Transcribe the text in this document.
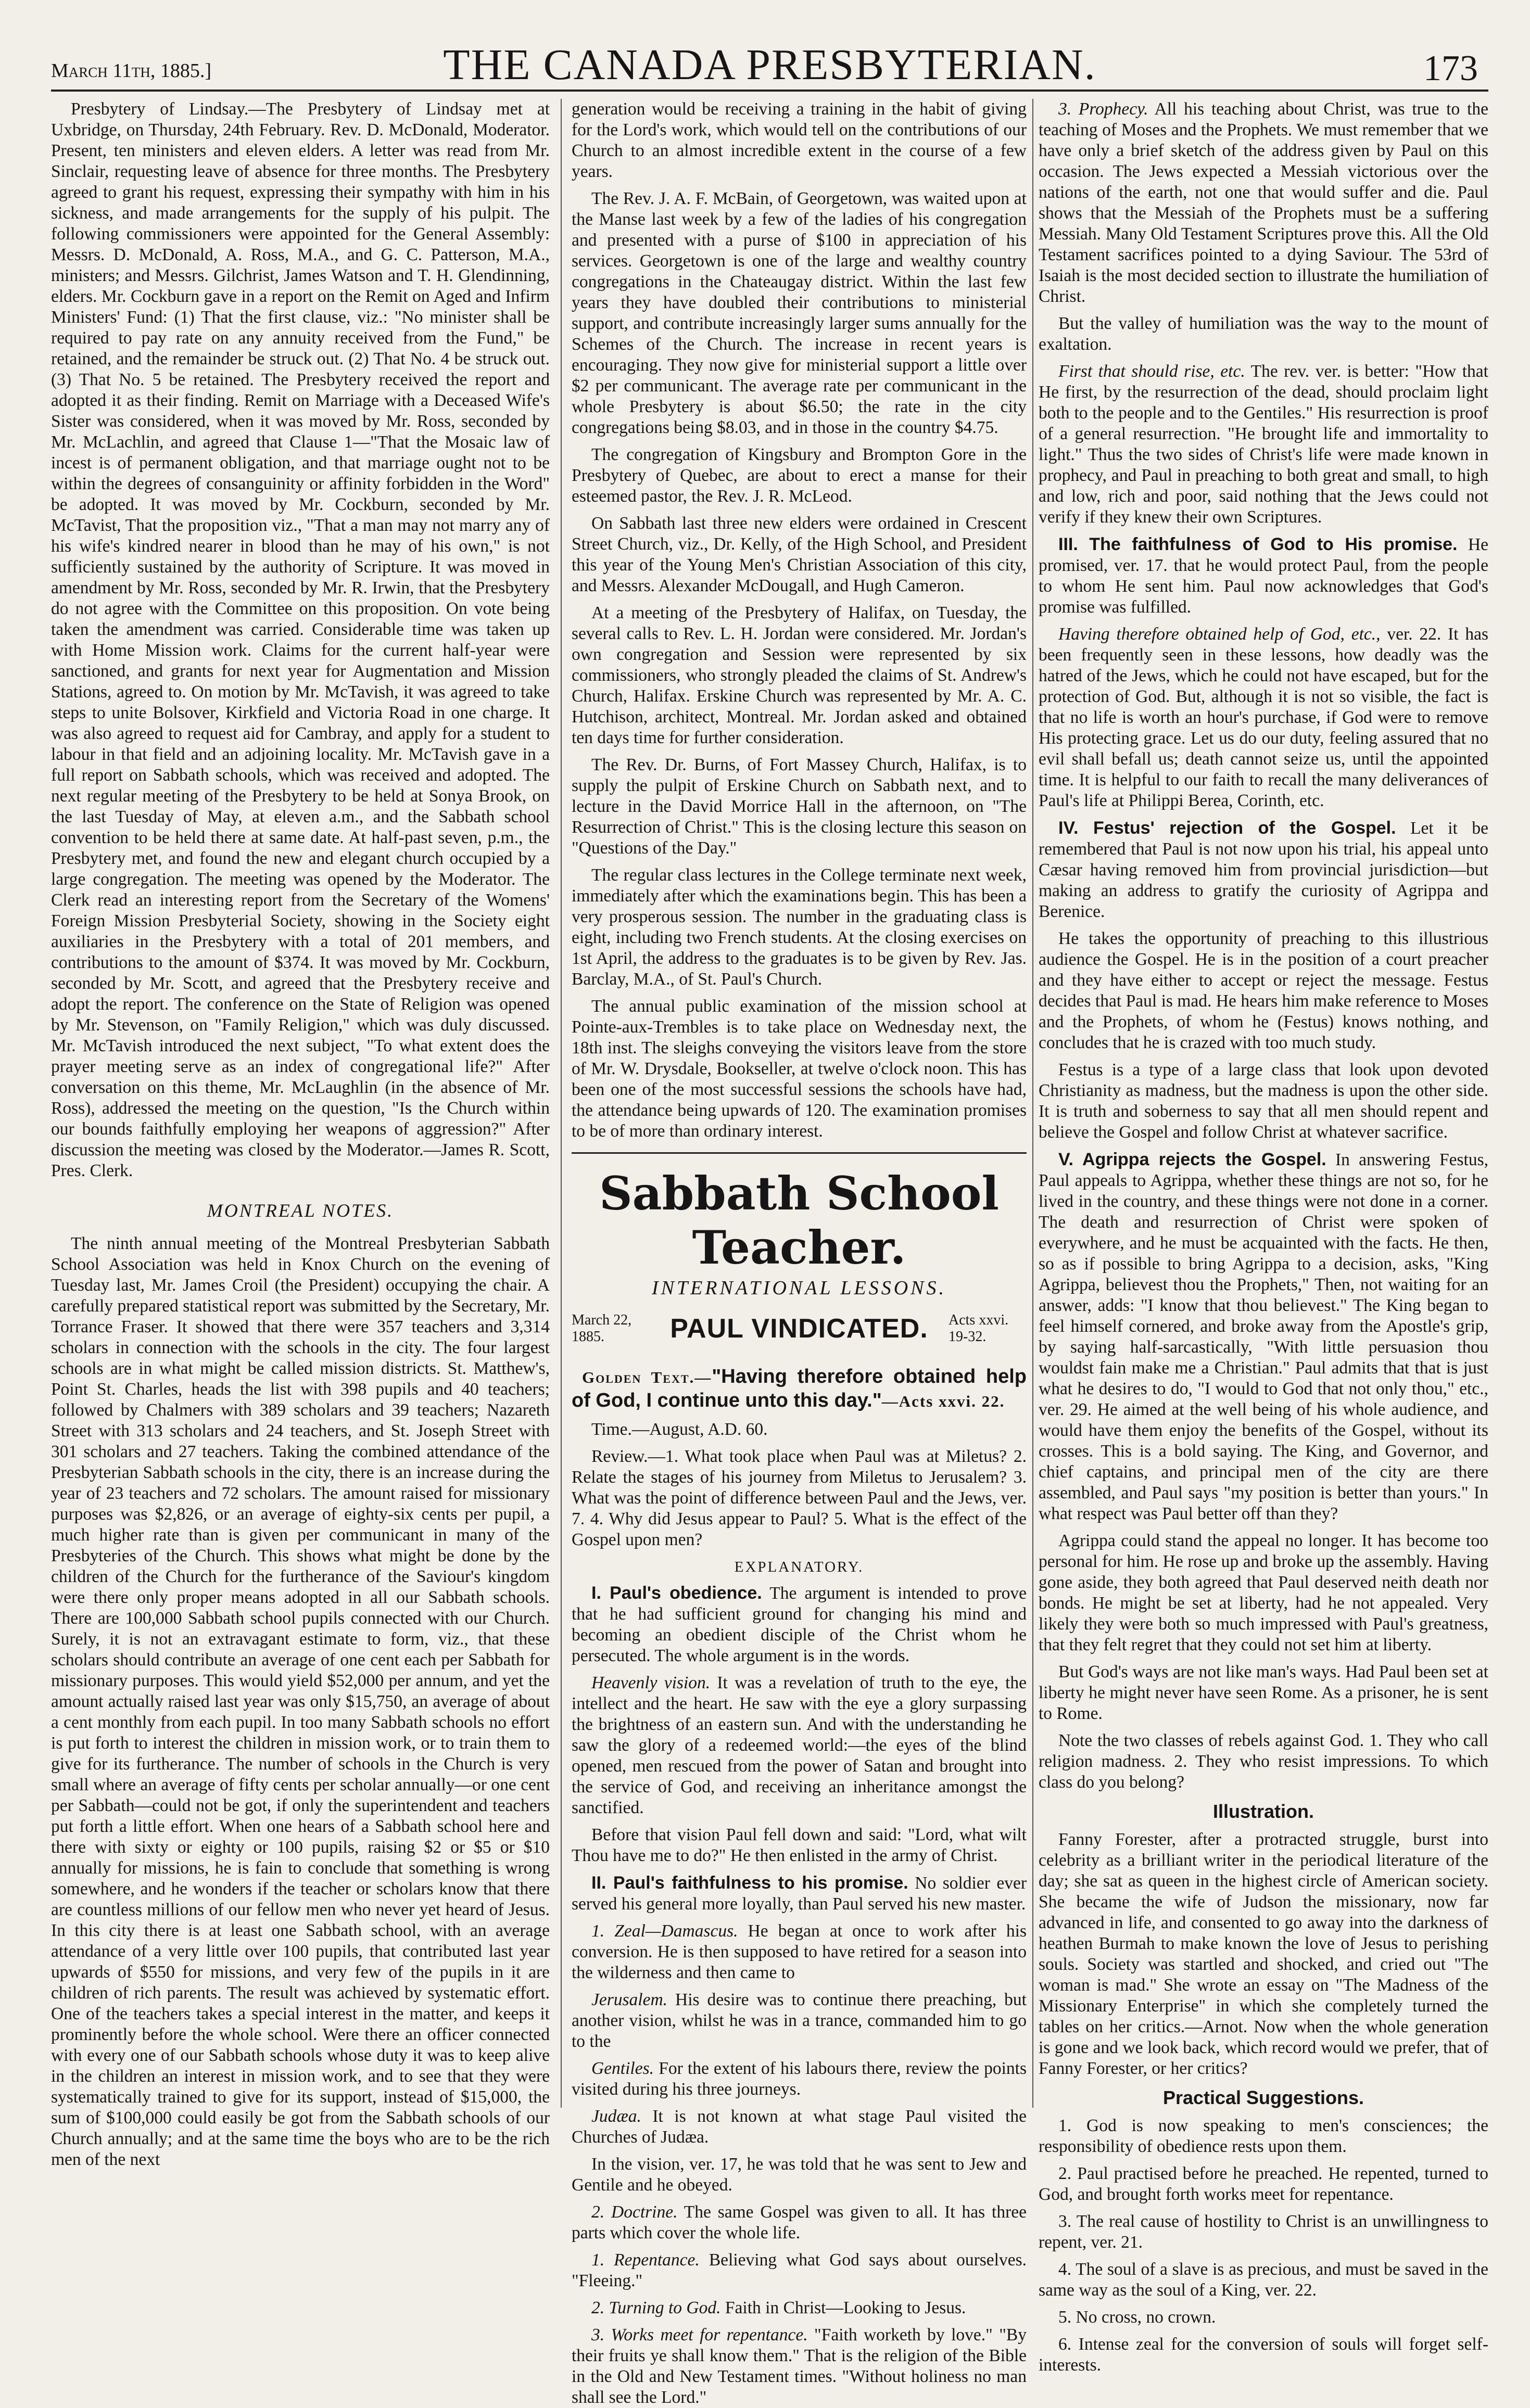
March 11th, 1885.]	THE CANADA PRESBYTERIAN.	173

Presbytery of Lindsay.—The Presbytery of Lindsay met at Uxbridge, on Thursday, 24th February. Rev. D. McDonald, Moderator. Present, ten ministers and eleven elders. A letter was read from Mr. Sinclair, requesting leave of absence for three months. The Presbytery agreed to grant his request, expressing their sympathy with him in his sickness, and made arrangements for the supply of his pulpit. The following commissioners were appointed for the General Assembly: Messrs. D. McDonald, A. Ross, M.A., and G. C. Patterson, M.A., ministers; and Messrs. Gilchrist, James Watson and T. H. Glendinning, elders. Mr. Cockburn gave in a report on the Remit on Aged and Infirm Ministers' Fund: (1) That the first clause, viz.: "No minister shall be required to pay rate on any annuity received from the Fund," be retained, and the remainder be struck out. (2) That No. 4 be struck out. (3) That No. 5 be retained. The Presbytery received the report and adopted it as their finding. Remit on Marriage with a Deceased Wife's Sister was considered, when it was moved by Mr. Ross, seconded by Mr. McLachlin, and agreed that Clause 1—"That the Mosaic law of incest is of permanent obligation, and that marriage ought not to be within the degrees of consanguinity or affinity forbidden in the Word" be adopted. It was moved by Mr. Cockburn, seconded by Mr. McTavist, That the proposition viz., "That a man may not marry any of his wife's kindred nearer in blood than he may of his own," is not sufficiently sustained by the authority of Scripture. It was moved in amendment by Mr. Ross, seconded by Mr. R. Irwin, that the Presbytery do not agree with the Committee on this proposition. On vote being taken the amendment was carried. Considerable time was taken up with Home Mission work. Claims for the current half-year were sanctioned, and grants for next year for Augmentation and Mission Stations, agreed to. On motion by Mr. McTavish, it was agreed to take steps to unite Bolsover, Kirkfield and Victoria Road in one charge. It was also agreed to request aid for Cambray, and apply for a student to labour in that field and an adjoining locality. Mr. McTavish gave in a full report on Sabbath schools, which was received and adopted. The next regular meeting of the Presbytery to be held at Sonya Brook, on the last Tuesday of May, at eleven a.m., and the Sabbath school convention to be held there at same date. At half-past seven, p.m., the Presbytery met, and found the new and elegant church occupied by a large congregation. The meeting was opened by the Moderator. The Clerk read an interesting report from the Secretary of the Womens' Foreign Mission Presbyterial Society, showing in the Society eight auxiliaries in the Presbytery with a total of 201 members, and contributions to the amount of $374. It was moved by Mr. Cockburn, seconded by Mr. Scott, and agreed that the Presbytery receive and adopt the report. The conference on the State of Religion was opened by Mr. Stevenson, on "Family Religion," which was duly discussed. Mr. McTavish introduced the next subject, "To what extent does the prayer meeting serve as an index of congregational life?" After conversation on this theme, Mr. McLaughlin (in the absence of Mr. Ross), addressed the meeting on the question, "Is the Church within our bounds faithfully employing her weapons of aggression?" After discussion the meeting was closed by the Moderator.—James R. Scott, Pres. Clerk.

MONTREAL NOTES.

The ninth annual meeting of the Montreal Presbyterian Sabbath School Association was held in Knox Church on the evening of Tuesday last, Mr. James Croil (the President) occupying the chair. A carefully prepared statistical report was submitted by the Secretary, Mr. Torrance Fraser. It showed that there were 357 teachers and 3,314 scholars in connection with the schools in the city. The four largest schools are in what might be called mission districts. St. Matthew's, Point St. Charles, heads the list with 398 pupils and 40 teachers; followed by Chalmers with 389 scholars and 39 teachers; Nazareth Street with 313 scholars and 24 teachers, and St. Joseph Street with 301 scholars and 27 teachers. Taking the combined attendance of the Presbyterian Sabbath schools in the city, there is an increase during the year of 23 teachers and 72 scholars. The amount raised for missionary purposes was $2,826, or an average of eighty-six cents per pupil, a much higher rate than is given per communicant in many of the Presbyteries of the Church. This shows what might be done by the children of the Church for the furtherance of the Saviour's kingdom were there only proper means adopted in all our Sabbath schools. There are 100,000 Sabbath school pupils connected with our Church. Surely, it is not an extravagant estimate to form, viz., that these scholars should contribute an average of one cent each per Sabbath for missionary purposes. This would yield $52,000 per annum, and yet the amount actually raised last year was only $15,750, an average of about a cent monthly from each pupil. In too many Sabbath schools no effort is put forth to interest the children in mission work, or to train them to give for its furtherance. The number of schools in the Church is very small where an average of fifty cents per scholar annually—or one cent per Sabbath—could not be got, if only the superintendent and teachers put forth a little effort. When one hears of a Sabbath school here and there with sixty or eighty or 100 pupils, raising $2 or $5 or $10 annually for missions, he is fain to conclude that something is wrong somewhere, and he wonders if the teacher or scholars know that there are countless millions of our fellow men who never yet heard of Jesus. In this city there is at least one Sabbath school, with an average attendance of a very little over 100 pupils, that contributed last year upwards of $550 for missions, and very few of the pupils in it are children of rich parents. The result was achieved by systematic effort. One of the teachers takes a special interest in the matter, and keeps it prominently before the whole school. Were there an officer connected with every one of our Sabbath schools whose duty it was to keep alive in the children an interest in mission work, and to see that they were systematically trained to give for its support, instead of $15,000, the sum of $100,000 could easily be got from the Sabbath schools of our Church annually; and at the same time the boys who are to be the rich men of the next

generation would be receiving a training in the habit of giving for the Lord's work, which would tell on the contributions of our Church to an almost incredible extent in the course of a few years.

The Rev. J. A. F. McBain, of Georgetown, was waited upon at the Manse last week by a few of the ladies of his congregation and presented with a purse of $100 in appreciation of his services. Georgetown is one of the large and wealthy country congregations in the Chateaugay district. Within the last few years they have doubled their contributions to ministerial support, and contribute increasingly larger sums annually for the Schemes of the Church. The increase in recent years is encouraging. They now give for ministerial support a little over $2 per communicant. The average rate per communicant in the whole Presbytery is about $6.50; the rate in the city congregations being $8.03, and in those in the country $4.75.

The congregation of Kingsbury and Brompton Gore in the Presbytery of Quebec, are about to erect a manse for their esteemed pastor, the Rev. J. R. McLeod.

On Sabbath last three new elders were ordained in Crescent Street Church, viz., Dr. Kelly, of the High School, and President this year of the Young Men's Christian Association of this city, and Messrs. Alexander McDougall, and Hugh Cameron.

At a meeting of the Presbytery of Halifax, on Tuesday, the several calls to Rev. L. H. Jordan were considered. Mr. Jordan's own congregation and Session were represented by six commissioners, who strongly pleaded the claims of St. Andrew's Church, Halifax. Erskine Church was represented by Mr. A. C. Hutchison, architect, Montreal. Mr. Jordan asked and obtained ten days time for further consideration.

The Rev. Dr. Burns, of Fort Massey Church, Halifax, is to supply the pulpit of Erskine Church on Sabbath next, and to lecture in the David Morrice Hall in the afternoon, on "The Resurrection of Christ." This is the closing lecture this season on "Questions of the Day."

The regular class lectures in the College terminate next week, immediately after which the examinations begin. This has been a very prosperous session. The number in the graduating class is eight, including two French students. At the closing exercises on 1st April, the address to the graduates is to be given by Rev. Jas. Barclay, M.A., of St. Paul's Church.

The annual public examination of the mission school at Pointe-aux-Trembles is to take place on Wednesday next, the 18th inst. The sleighs conveying the visitors leave from the store of Mr. W. Drysdale, Bookseller, at twelve o'clock noon. This has been one of the most successful sessions the schools have had, the attendance being upwards of 120. The examination promises to be of more than ordinary interest.

Sabbath School Teacher.
INTERNATIONAL LESSONS.
March 22,
1885.	PAUL VINDICATED.	Acts xxvi.
19-32.

Golden Text.—"Having therefore obtained help of God, I continue unto this day."—Acts xxvi. 22.

Time.—August, A.D. 60.

Review.—1. What took place when Paul was at Miletus? 2. Relate the stages of his journey from Miletus to Jerusalem? 3. What was the point of difference between Paul and the Jews, ver. 7. 4. Why did Jesus appear to Paul? 5. What is the effect of the Gospel upon men?

EXPLANATORY.

I. Paul's obedience. The argument is intended to prove that he had sufficient ground for changing his mind and becoming an obedient disciple of the Christ whom he persecuted. The whole argument is in the words.

Heavenly vision. It was a revelation of truth to the eye, the intellect and the heart. He saw with the eye a glory surpassing the brightness of an eastern sun. And with the understanding he saw the glory of a redeemed world:—the eyes of the blind opened, men rescued from the power of Satan and brought into the service of God, and receiving an inheritance amongst the sanctified.

Before that vision Paul fell down and said: "Lord, what wilt Thou have me to do?" He then enlisted in the army of Christ.

II. Paul's faithfulness to his promise. No soldier ever served his general more loyally, than Paul served his new master.

1. Zeal—Damascus. He began at once to work after his conversion. He is then supposed to have retired for a season into the wilderness and then came to

Jerusalem. His desire was to continue there preaching, but another vision, whilst he was in a trance, commanded him to go to the

Gentiles. For the extent of his labours there, review the points visited during his three journeys.

Judæa. It is not known at what stage Paul visited the Churches of Judæa.

In the vision, ver. 17, he was told that he was sent to Jew and Gentile and he obeyed.

2. Doctrine. The same Gospel was given to all. It has three parts which cover the whole life.

1. Repentance. Believing what God says about ourselves. "Fleeing."

2. Turning to God. Faith in Christ—Looking to Jesus.

3. Works meet for repentance. "Faith worketh by love." "By their fruits ye shall know them." That is the religion of the Bible in the Old and New Testament times. "Without holiness no man shall see the Lord."

3. Prophecy. All his teaching about Christ, was true to the teaching of Moses and the Prophets. We must remember that we have only a brief sketch of the address given by Paul on this occasion. The Jews expected a Messiah victorious over the nations of the earth, not one that would suffer and die. Paul shows that the Messiah of the Prophets must be a suffering Messiah. Many Old Testament Scriptures prove this. All the Old Testament sacrifices pointed to a dying Saviour. The 53rd of Isaiah is the most decided section to illustrate the humiliation of Christ.

But the valley of humiliation was the way to the mount of exaltation.

First that should rise, etc. The rev. ver. is better: "How that He first, by the resurrection of the dead, should proclaim light both to the people and to the Gentiles." His resurrection is proof of a general resurrection. "He brought life and immortality to light." Thus the two sides of Christ's life were made known in prophecy, and Paul in preaching to both great and small, to high and low, rich and poor, said nothing that the Jews could not verify if they knew their own Scriptures.

III. The faithfulness of God to His promise. He promised, ver. 17. that he would protect Paul, from the people to whom He sent him. Paul now acknowledges that God's promise was fulfilled.

Having therefore obtained help of God, etc., ver. 22. It has been frequently seen in these lessons, how deadly was the hatred of the Jews, which he could not have escaped, but for the protection of God. But, although it is not so visible, the fact is that no life is worth an hour's purchase, if God were to remove His protecting grace. Let us do our duty, feeling assured that no evil shall befall us; death cannot seize us, until the appointed time. It is helpful to our faith to recall the many deliverances of Paul's life at Philippi Berea, Corinth, etc.

IV. Festus' rejection of the Gospel. Let it be remembered that Paul is not now upon his trial, his appeal unto Cæsar having removed him from provincial jurisdiction—but making an address to gratify the curiosity of Agrippa and Berenice.

He takes the opportunity of preaching to this illustrious audience the Gospel. He is in the position of a court preacher and they have either to accept or reject the message. Festus decides that Paul is mad. He hears him make reference to Moses and the Prophets, of whom he (Festus) knows nothing, and concludes that he is crazed with too much study.

Festus is a type of a large class that look upon devoted Christianity as madness, but the madness is upon the other side. It is truth and soberness to say that all men should repent and believe the Gospel and follow Christ at whatever sacrifice.

V. Agrippa rejects the Gospel. In answering Festus, Paul appeals to Agrippa, whether these things are not so, for he lived in the country, and these things were not done in a corner. The death and resurrection of Christ were spoken of everywhere, and he must be acquainted with the facts. He then, so as if possible to bring Agrippa to a decision, asks, "King Agrippa, believest thou the Prophets," Then, not waiting for an answer, adds: "I know that thou believest." The King began to feel himself cornered, and broke away from the Apostle's grip, by saying half-sarcastically, "With little persuasion thou wouldst fain make me a Christian." Paul admits that that is just what he desires to do, "I would to God that not only thou," etc., ver. 29. He aimed at the well being of his whole audience, and would have them enjoy the benefits of the Gospel, without its crosses. This is a bold saying. The King, and Governor, and chief captains, and principal men of the city are there assembled, and Paul says "my position is better than yours." In what respect was Paul better off than they?

Agrippa could stand the appeal no longer. It has become too personal for him. He rose up and broke up the assembly. Having gone aside, they both agreed that Paul deserved neith death nor bonds. He might be set at liberty, had he not appealed. Very likely they were both so much impressed with Paul's greatness, that they felt regret that they could not set him at liberty.

But God's ways are not like man's ways. Had Paul been set at liberty he might never have seen Rome. As a prisoner, he is sent to Rome.

Note the two classes of rebels against God. 1. They who call religion madness. 2. They who resist impressions. To which class do you belong?

Illustration.

Fanny Forester, after a protracted struggle, burst into celebrity as a brilliant writer in the periodical literature of the day; she sat as queen in the highest circle of American society. She became the wife of Judson the missionary, now far advanced in life, and consented to go away into the darkness of heathen Burmah to make known the love of Jesus to perishing souls. Society was startled and shocked, and cried out "The woman is mad." She wrote an essay on "The Madness of the Missionary Enterprise" in which she completely turned the tables on her critics.—Arnot. Now when the whole generation is gone and we look back, which record would we prefer, that of Fanny Forester, or her critics?

Practical Suggestions.

1. God is now speaking to men's consciences; the responsibility of obedience rests upon them.

2. Paul practised before he preached. He repented, turned to God, and brought forth works meet for repentance.

3. The real cause of hostility to Christ is an unwillingness to repent, ver. 21.

4. The soul of a slave is as precious, and must be saved in the same way as the soul of a King, ver. 22.

5. No cross, no crown.

6. Intense zeal for the conversion of souls will forget self-interests.
